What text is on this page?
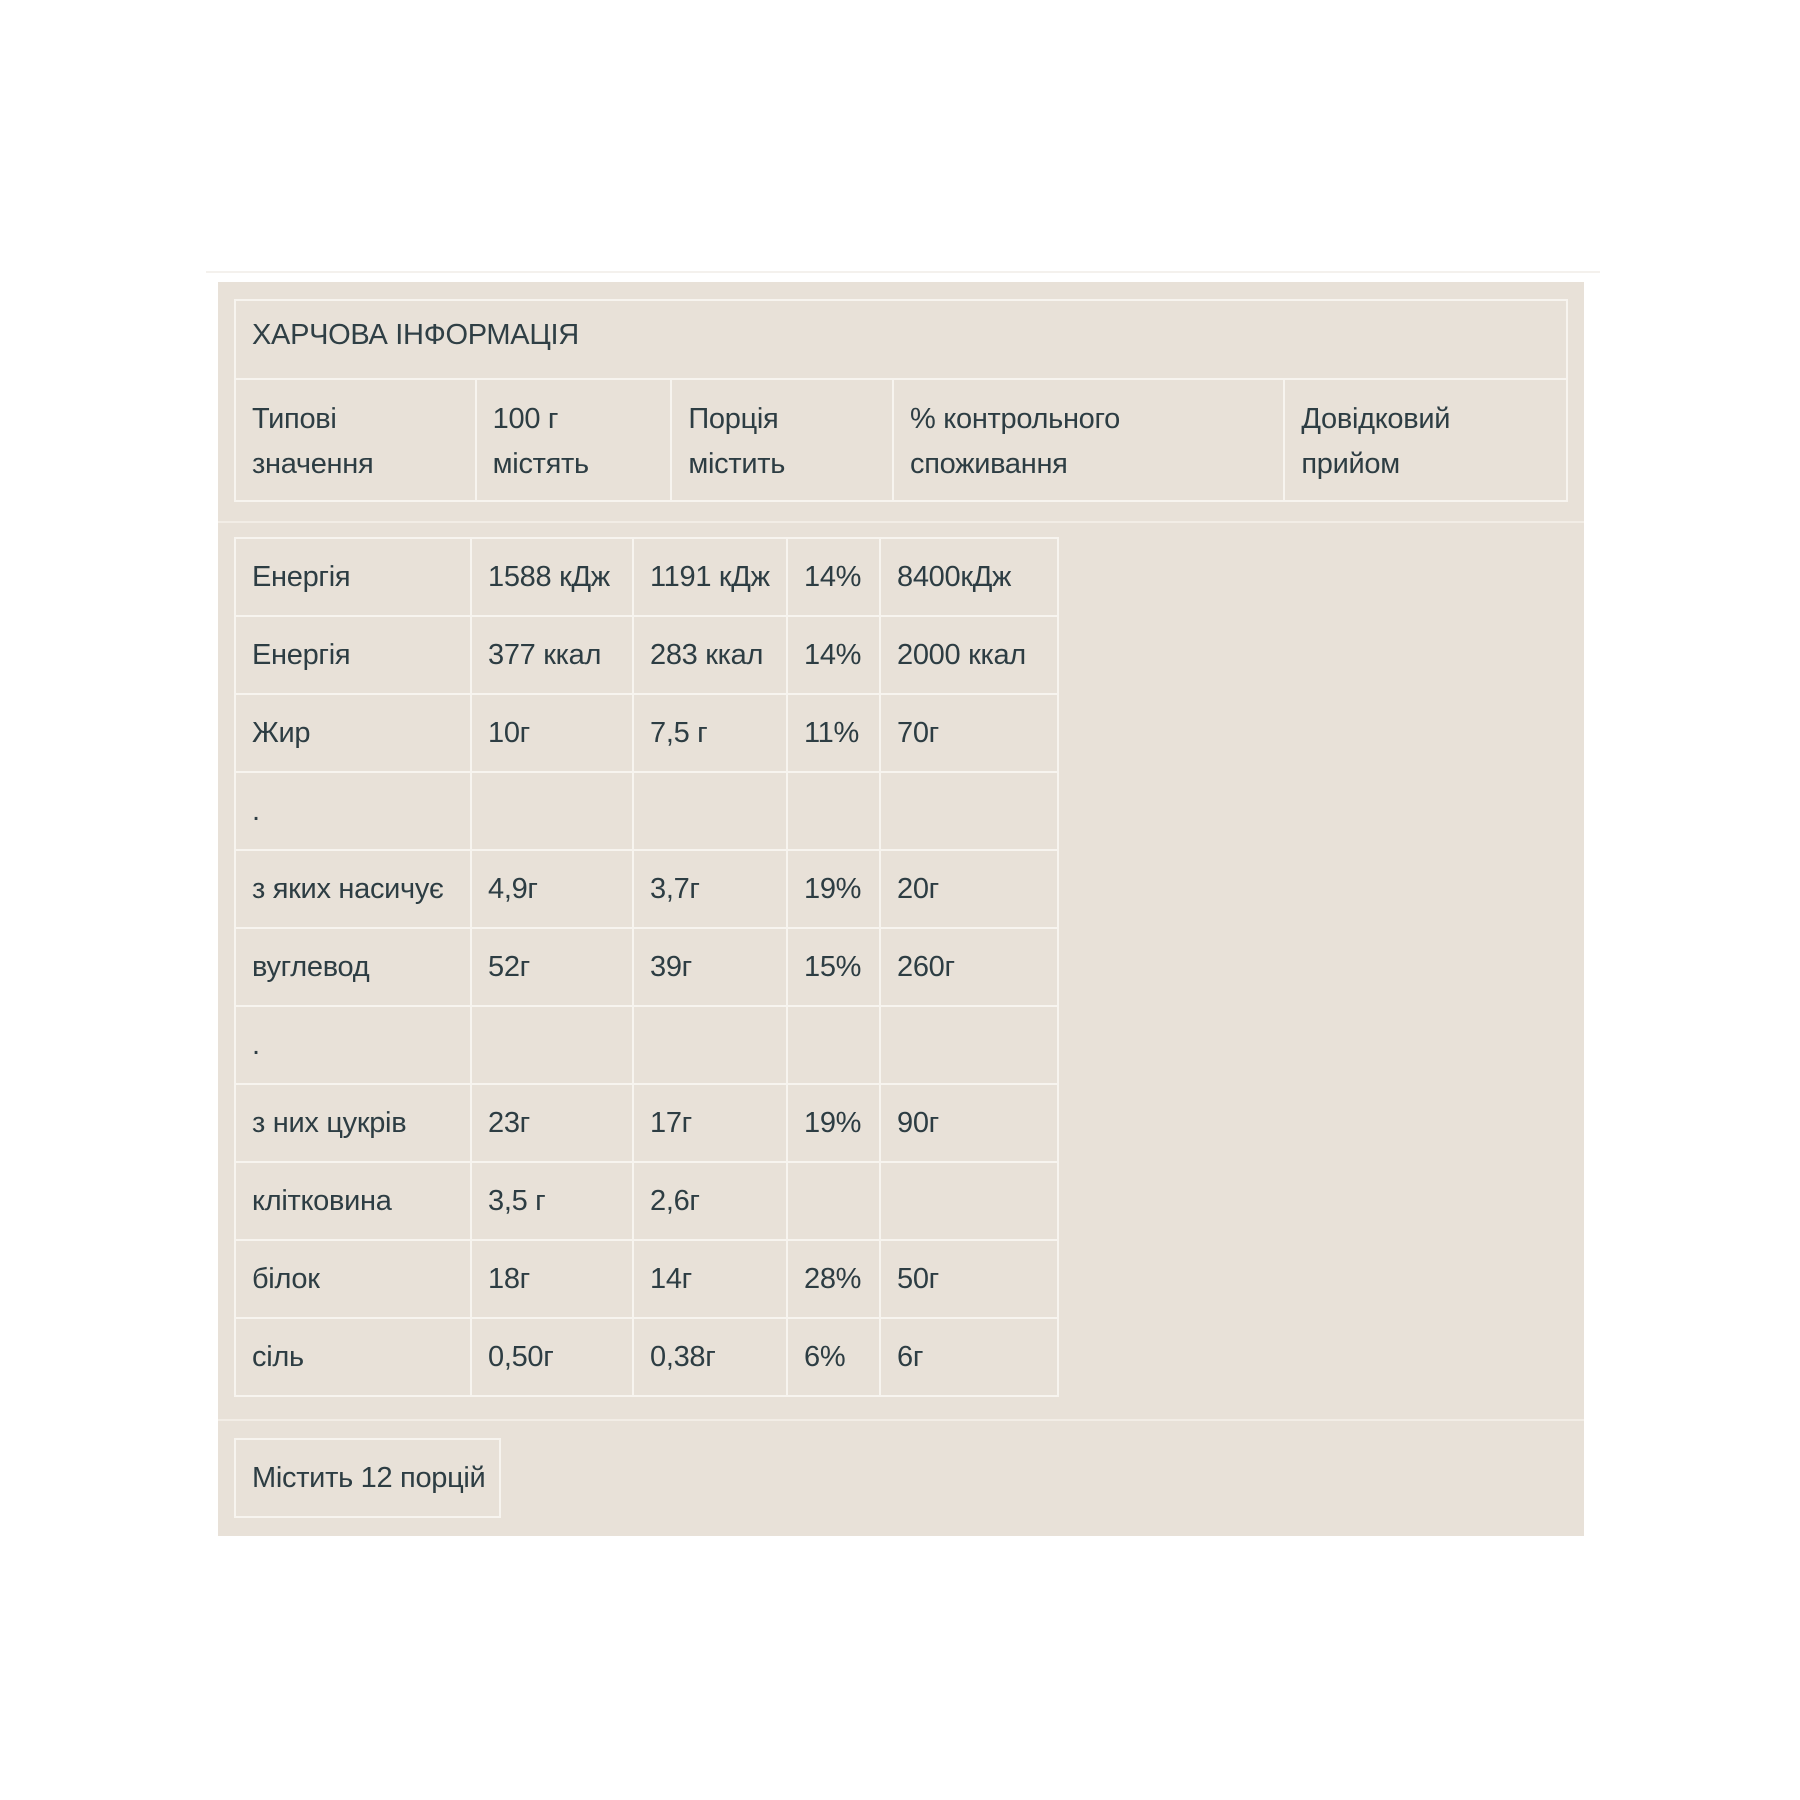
ХАРЧОВА ІНФОРМАЦІЯ
Типові значення	100 г містять	Порція містить	% контрольного споживання	Довідковий прийом
Енергія	1588 кДж	1191 кДж	14%	8400кДж
Енергія	377 ккал	283 ккал	14%	2000 ккал
Жир	10г	7,5 г	11%	70г
.				
з яких насичує	4,9г	3,7г	19%	20г
вуглевод	52г	39г	15%	260г
.				
з них цукрів	23г	17г	19%	90г
клітковина	3,5 г	2,6г		
білок	18г	14г	28%	50г
сіль	0,50г	0,38г	6%	6г
Містить 12 порцій
